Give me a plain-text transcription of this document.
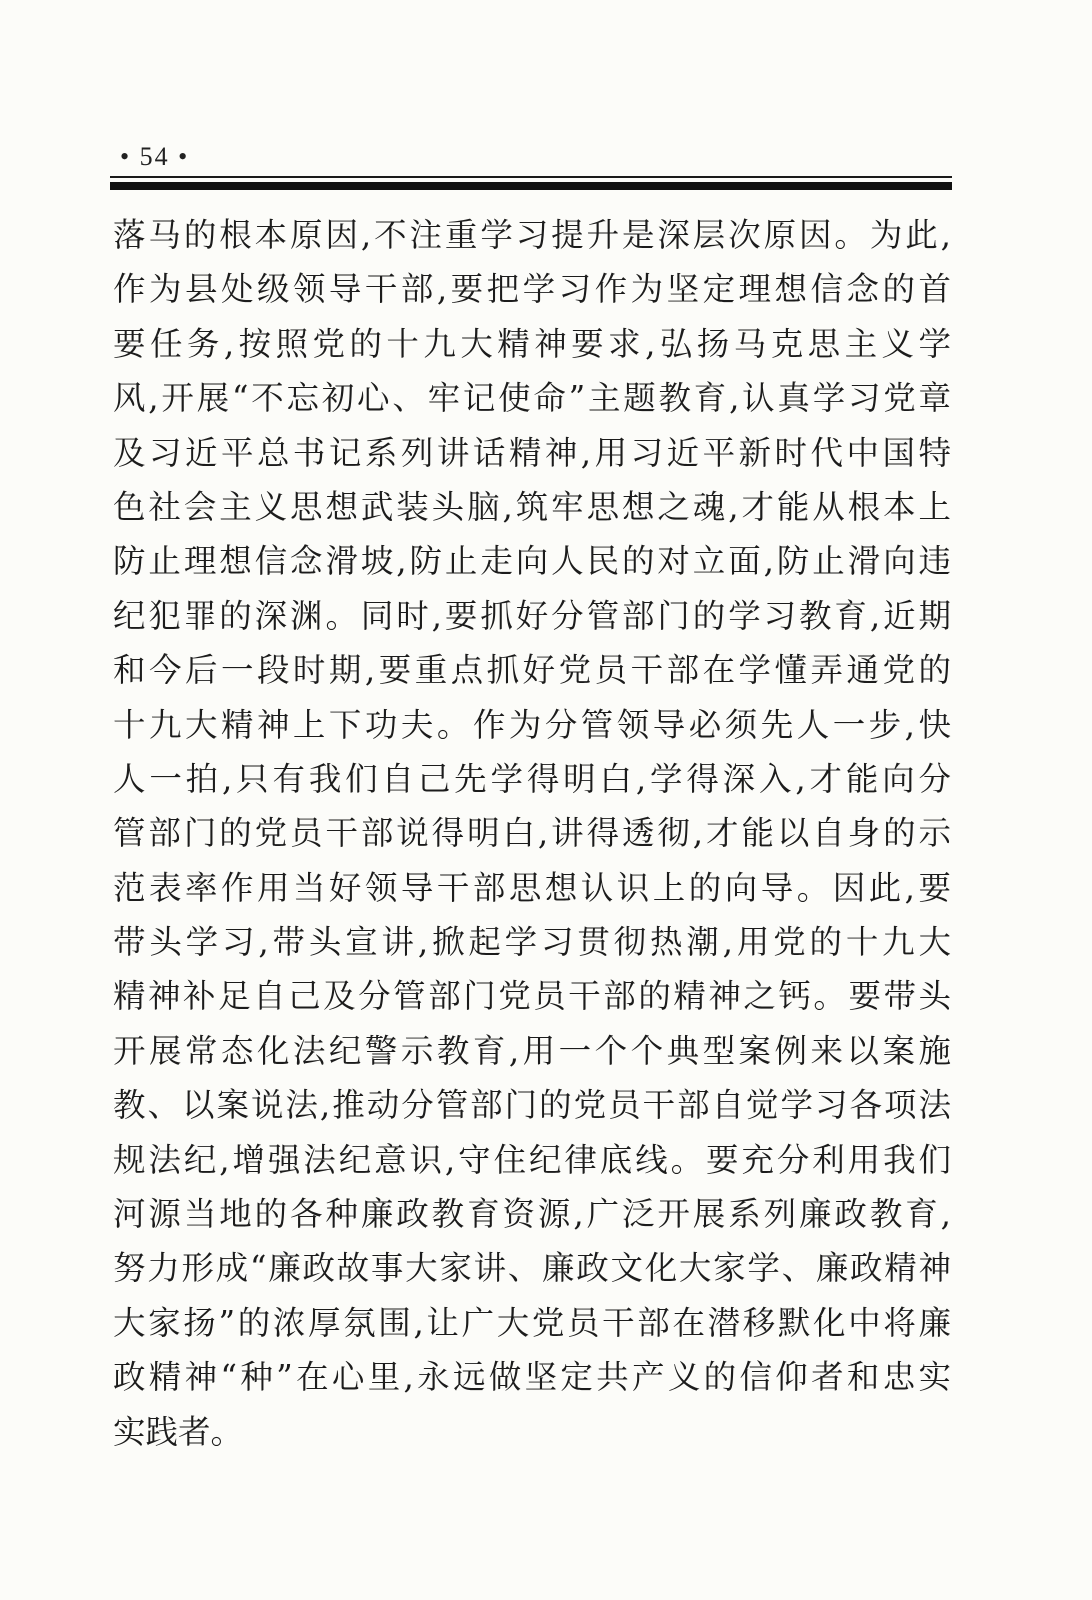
• 54 •
落马的根本原因,不注重学习提升是深层次原因。为此,
作为县处级领导干部,要把学习作为坚定理想信念的首
要任务,按照党的十九大精神要求,弘扬马克思主义学
风,开展“不忘初心、牢记使命”主题教育,认真学习党章
及习近平总书记系列讲话精神,用习近平新时代中国特
色社会主义思想武装头脑,筑牢思想之魂,才能从根本上
防止理想信念滑坡,防止走向人民的对立面,防止滑向违
纪犯罪的深渊。同时,要抓好分管部门的学习教育,近期
和今后一段时期,要重点抓好党员干部在学懂弄通党的
十九大精神上下功夫。作为分管领导必须先人一步,快
人一拍,只有我们自己先学得明白,学得深入,才能向分
管部门的党员干部说得明白,讲得透彻,才能以自身的示
范表率作用当好领导干部思想认识上的向导。因此,要
带头学习,带头宣讲,掀起学习贯彻热潮,用党的十九大
精神补足自己及分管部门党员干部的精神之钙。要带头
开展常态化法纪警示教育,用一个个典型案例来以案施
教、以案说法,推动分管部门的党员干部自觉学习各项法
规法纪,增强法纪意识,守住纪律底线。要充分利用我们
河源当地的各种廉政教育资源,广泛开展系列廉政教育,
努力形成“廉政故事大家讲、廉政文化大家学、廉政精神
大家扬”的浓厚氛围,让广大党员干部在潜移默化中将廉
政精神“种”在心里,永远做坚定共产义的信仰者和忠实
实践者。
